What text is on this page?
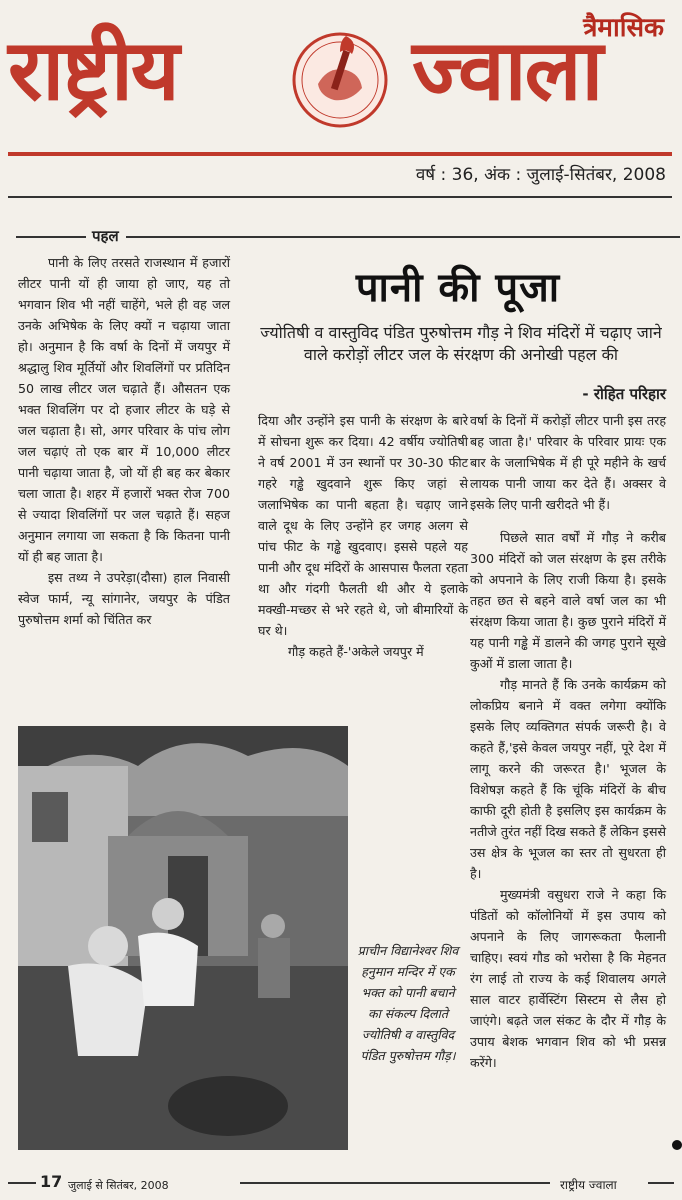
त्रैमासिक
राष्ट्रीय	ज्वाला
वर्ष : 36, अंक : जुलाई-सितंबर, 2008
पहल
पानी की पूजा
ज्योतिषी व वास्तुविद पंडित पुरुषोत्तम गौड़ ने शिव मंदिरों में चढ़ाए जाने वाले करोड़ों लीटर जल के संरक्षण की अनोखी पहल की
- रोहित परिहार

पानी के लिए तरसते राजस्थान में हजारों लीटर पानी यों ही जाया हो जाए, यह तो भगवान शिव भी नहीं चाहेंगे, भले ही वह जल उनके अभिषेक के लिए क्यों न चढ़ाया जाता हो। अनुमान है कि वर्षा के दिनों में जयपुर में श्रद्धालु शिव मूर्तियों और शिवलिंगों पर प्रतिदिन 50 लाख लीटर जल चढ़ाते हैं। औसतन एक भक्त शिवलिंग पर दो हजार लीटर के घड़े से जल चढ़ाता है। सो, अगर परिवार के पांच लोग जल चढ़ाएं तो एक बार में 10,000 लीटर पानी चढ़ाया जाता है, जो यों ही बह कर बेकार चला जाता है। शहर में हजारों भक्त रोज 700 से ज्यादा शिवलिंगों पर जल चढ़ाते हैं। सहज अनुमान लगाया जा सकता है कि कितना पानी यों ही बह जाता है।

इस तथ्य ने उपरेड़ा(दौसा) हाल निवासी स्वेज फार्म, न्यू सांगानेर, जयपुर के पंडित पुरुषोत्तम शर्मा को चिंतित कर

दिया और उन्होंने इस पानी के संरक्षण के बारे में सोचना शुरू कर दिया। 42 वर्षीय ज्योतिषी ने वर्ष 2001 में उन स्थानों पर 30-30 फीट गहरे गड्ढे खुदवाने शुरू किए जहां से जलाभिषेक का पानी बहता है। चढ़ाए जाने वाले दूध के लिए उन्होंने हर जगह अलग से पांच फीट के गड्ढे खुदवाए। इससे पहले यह पानी और दूध मंदिरों के आसपास फैलता रहता था और गंदगी फैलती थी और ये इलाके मक्खी-मच्छर से भरे रहते थे, जो बीमारियों के घर थे।

गौड़ कहते हैं-'अकेले जयपुर में

वर्षा के दिनों में करोड़ों लीटर पानी इस तरह बह जाता है।' परिवार के परिवार प्रायः एक बार के जलाभिषेक में ही पूरे महीने के खर्च लायक पानी जाया कर देते हैं। अक्सर वे इसके लिए पानी खरीदते भी हैं।

पिछले सात वर्षों में गौड़ ने करीब 300 मंदिरों को जल संरक्षण के इस तरीके को अपनाने के लिए राजी किया है। इसके तहत छत से बहने वाले वर्षा जल का भी संरक्षण किया जाता है। कुछ पुराने मंदिरों में यह पानी गड्ढे में डालने की जगह पुराने सूखे कुओं में डाला जाता है।

गौड़ मानते हैं कि उनके कार्यक्रम को लोकप्रिय बनाने में वक्त लगेगा क्योंकि इसके लिए व्यक्तिगत संपर्क जरूरी है। वे कहते हैं,'इसे केवल जयपुर नहीं, पूरे देश में लागू करने की जरूरत है।' भूजल के विशेषज्ञ कहते हैं कि चूंकि मंदिरों के बीच काफी दूरी होती है इसलिए इस कार्यक्रम के नतीजे तुरंत नहीं दिख सकते हैं लेकिन इससे उस क्षेत्र के भूजल का स्तर तो सुधरता ही है।

मुख्यमंत्री वसुधरा राजे ने कहा कि पंडितों को कॉलोनियों में इस उपाय को अपनाने के लिए जागरूकता फैलानी चाहिए। स्वयं गौड को भरोसा है कि मेहनत रंग लाई तो राज्य के कई शिवालय अगले साल वाटर हार्वेस्टिंग सिस्टम से लैस हो जाएंगे। बढ़ते जल संकट के दौर में गौड़ के उपाय बेशक भगवान शिव को भी प्रसन्न करेंगे।

प्राचीन विद्यानेश्वर शिव हनुमान मन्दिर में एक भक्त को पानी बचाने का संकल्प दिलाते ज्योतिषी व वास्तुविद पंडित पुरुषोत्तम गौड़।
17 जुलाई से सितंबर, 2008	राष्ट्रीय ज्वाला
